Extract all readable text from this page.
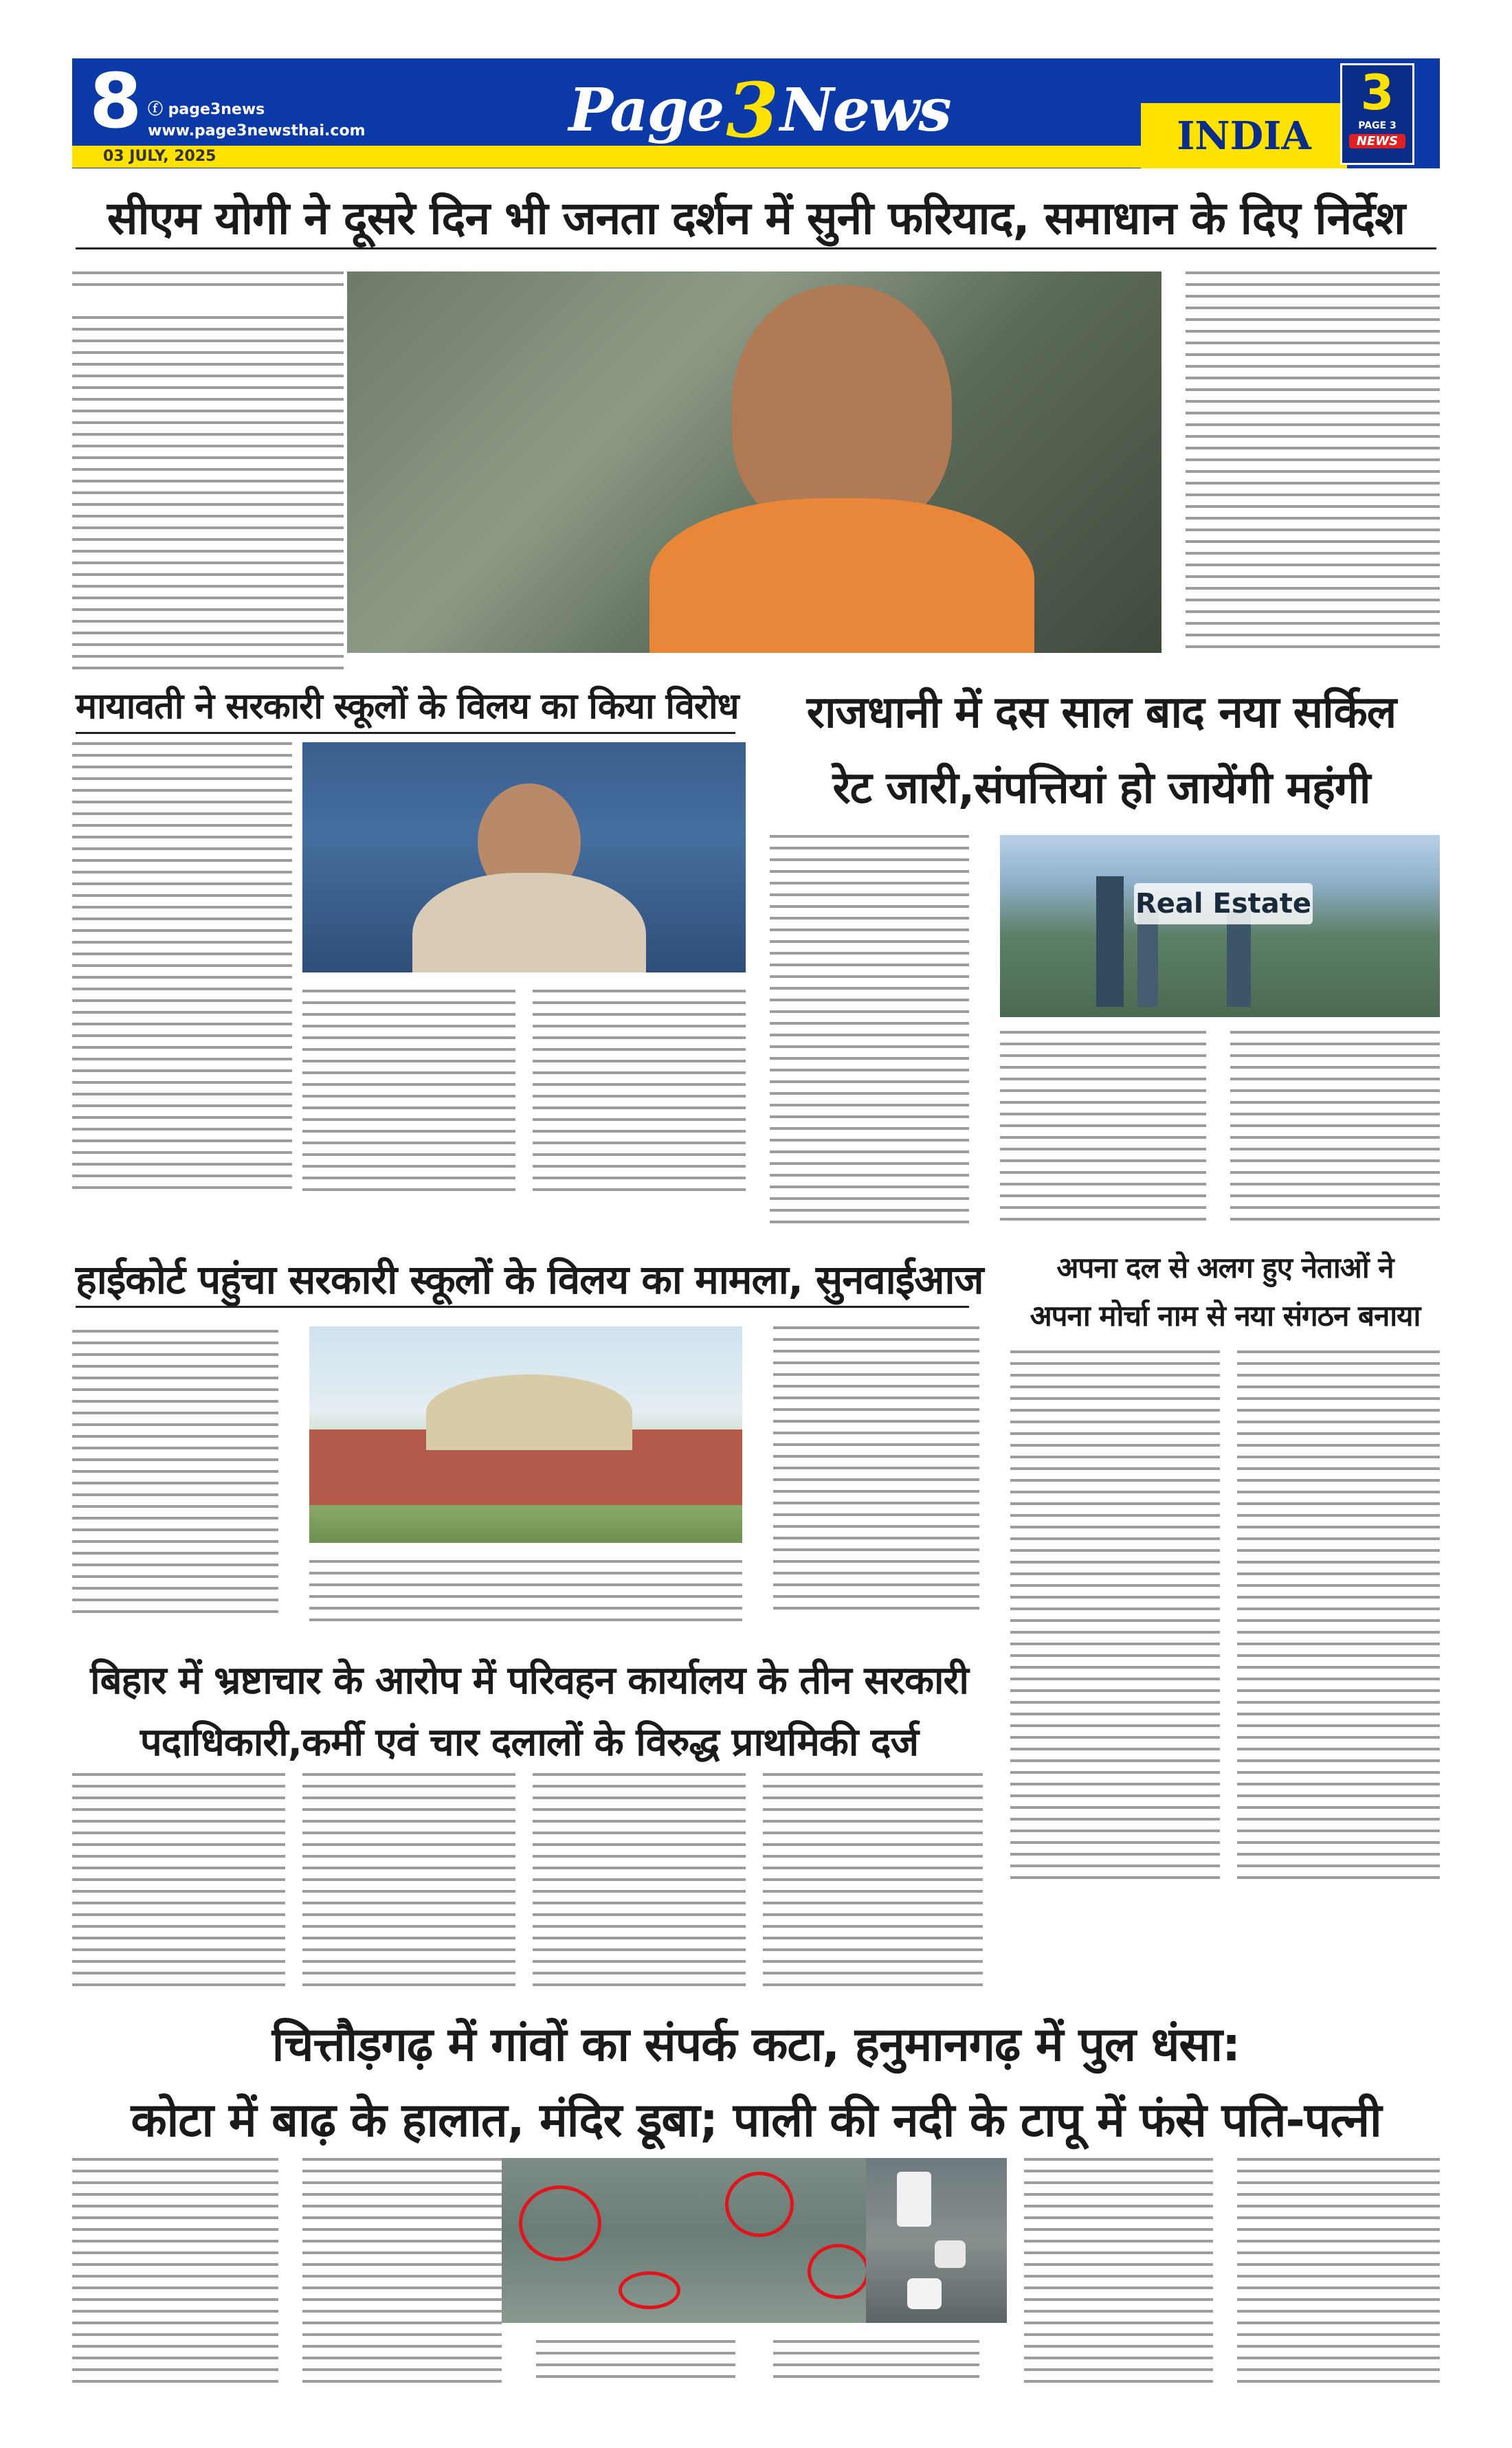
8 ⓕ page3news
www.page3newsthai.com
03 JULY, 2025
Page 3 News	INDIA
3
PAGE 3
NEWS
सीएम योगी ने दूसरे दिन भी जनता दर्शन में सुनी फरियाद, समाधान के दिए निर्देश
मायावती ने सरकारी स्कूलों के विलय का किया विरोध	राजधानी में दस साल बाद नया सर्किल
रेट जारी,संपत्तियां हो जायेंगी महंगी
Real Estate
हाईकोर्ट पहुंचा सरकारी स्कूलों के विलय का मामला, सुनवाईआज	अपना दल से अलग हुए नेताओं ने
अपना मोर्चा नाम से नया संगठन बनाया
बिहार में भ्रष्टाचार के आरोप में परिवहन कार्यालय के तीन सरकारी
पदाधिकारी,कर्मी एवं चार दलालों के विरुद्ध प्राथमिकी दर्ज
चित्तौड़गढ़ में गांवों का संपर्क कटा, हनुमानगढ़ में पुल धंसा:
कोटा में बाढ़ के हालात, मंदिर डूबा; पाली की नदी के टापू में फंसे पति-पत्नी
